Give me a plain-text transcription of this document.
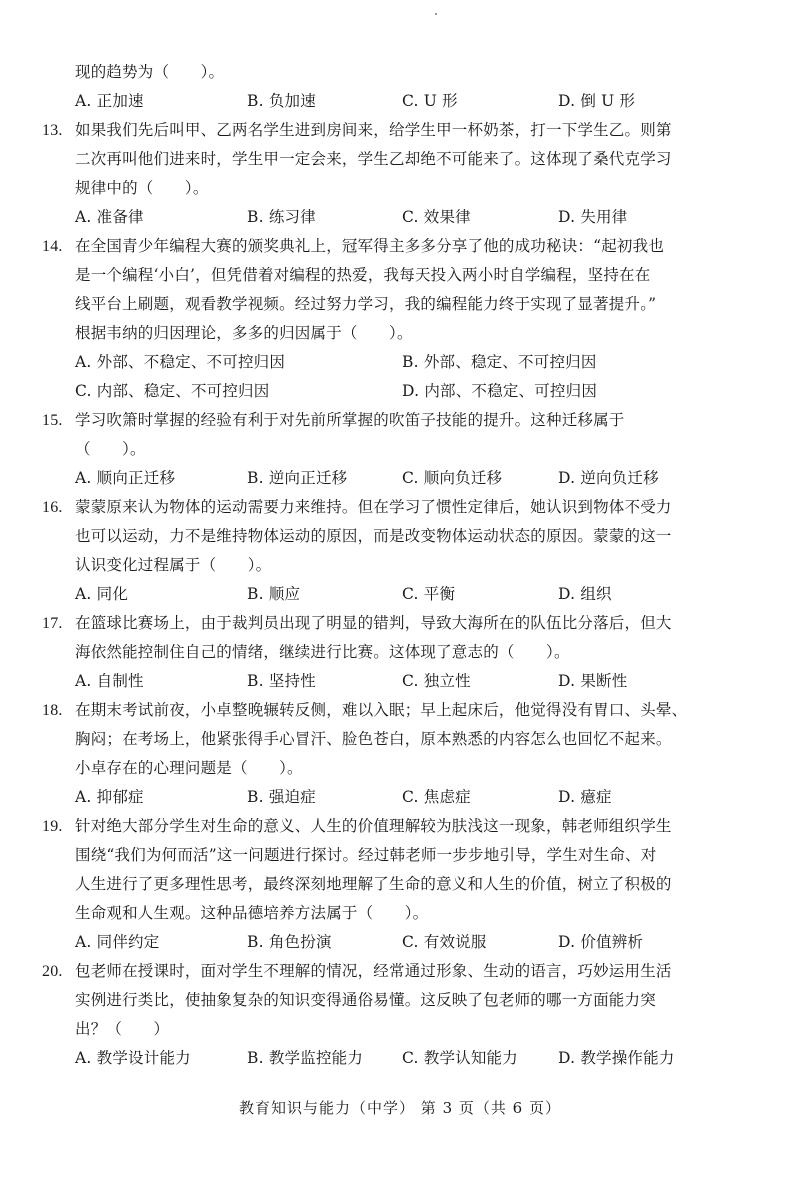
现的趋势为（　　）。
A. 正加速	B. 负加速	C. U 形	D. 倒 U 形
13. 如果我们先后叫甲、乙两名学生进到房间来，给学生甲一杯奶茶，打一下学生乙。则第
二次再叫他们进来时，学生甲一定会来，学生乙却绝不可能来了。这体现了桑代克学习
规律中的（　　）。
A. 准备律	B. 练习律	C. 效果律	D. 失用律
14. 在全国青少年编程大赛的颁奖典礼上，冠军得主多多分享了他的成功秘诀：“起初我也
是一个编程‘小白’，但凭借着对编程的热爱，我每天投入两小时自学编程，坚持在在
线平台上刷题，观看教学视频。经过努力学习，我的编程能力终于实现了显著提升。”
根据韦纳的归因理论，多多的归因属于（　　）。
A. 外部、不稳定、不可控归因	B. 外部、稳定、不可控归因
C. 内部、稳定、不可控归因	D. 内部、不稳定、可控归因
15. 学习吹箫时掌握的经验有利于对先前所掌握的吹笛子技能的提升。这种迁移属于
（　　）。
A. 顺向正迁移	B. 逆向正迁移	C. 顺向负迁移	D. 逆向负迁移
16. 蒙蒙原来认为物体的运动需要力来维持。但在学习了惯性定律后，她认识到物体不受力
也可以运动，力不是维持物体运动的原因，而是改变物体运动状态的原因。蒙蒙的这一
认识变化过程属于（　　）。
A. 同化	B. 顺应	C. 平衡	D. 组织
17. 在篮球比赛场上，由于裁判员出现了明显的错判，导致大海所在的队伍比分落后，但大
海依然能控制住自己的情绪，继续进行比赛。这体现了意志的（　　）。
A. 自制性	B. 坚持性	C. 独立性	D. 果断性
18. 在期末考试前夜，小卓整晚辗转反侧，难以入眠；早上起床后，他觉得没有胃口、头晕、
胸闷；在考场上，他紧张得手心冒汗、脸色苍白，原本熟悉的内容怎么也回忆不起来。
小卓存在的心理问题是（　　）。
A. 抑郁症	B. 强迫症	C. 焦虑症	D. 癔症
19. 针对绝大部分学生对生命的意义、人生的价值理解较为肤浅这一现象，韩老师组织学生
围绕“我们为何而活”这一问题进行探讨。经过韩老师一步步地引导，学生对生命、对
人生进行了更多理性思考，最终深刻地理解了生命的意义和人生的价值，树立了积极的
生命观和人生观。这种品德培养方法属于（　　）。
A. 同伴约定	B. 角色扮演	C. 有效说服	D. 价值辨析
20. 包老师在授课时，面对学生不理解的情况，经常通过形象、生动的语言，巧妙运用生活
实例进行类比，使抽象复杂的知识变得通俗易懂。这反映了包老师的哪一方面能力突
出？（　　）
A. 教学设计能力	B. 教学监控能力	C. 教学认知能力	D. 教学操作能力
教育知识与能力（中学） 第 3 页（共 6 页）
